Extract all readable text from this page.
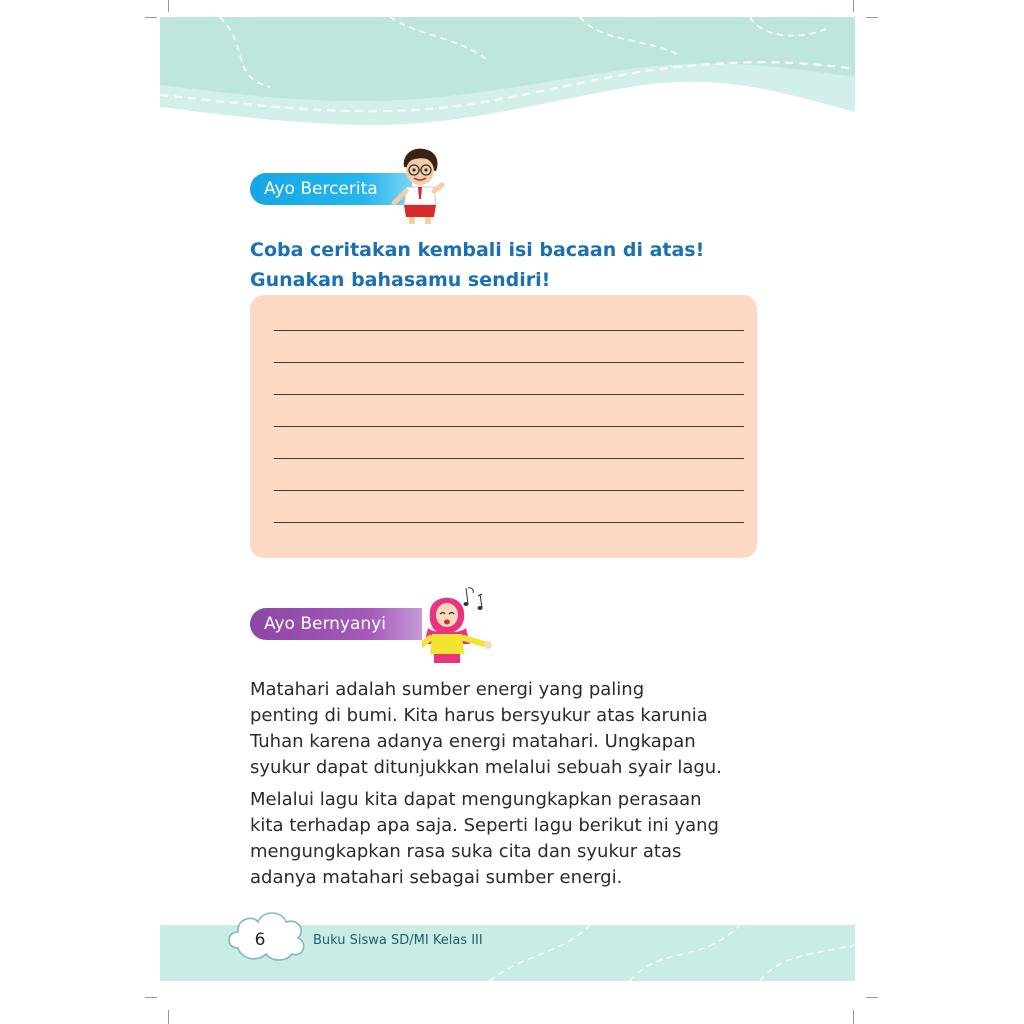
Ayo Bercerita
Coba ceritakan kembali isi bacaan di atas!
Gunakan bahasamu sendiri!
Ayo Bernyanyi
Matahari adalah sumber energi yang paling
penting di bumi. Kita harus bersyukur atas karunia
Tuhan karena adanya energi matahari. Ungkapan
syukur dapat ditunjukkan melalui sebuah syair lagu.
Melalui lagu kita dapat mengungkapkan perasaan
kita terhadap apa saja. Seperti lagu berikut ini yang
mengungkapkan rasa suka cita dan syukur atas
adanya matahari sebagai sumber energi.
6	Buku Siswa SD/MI Kelas III
